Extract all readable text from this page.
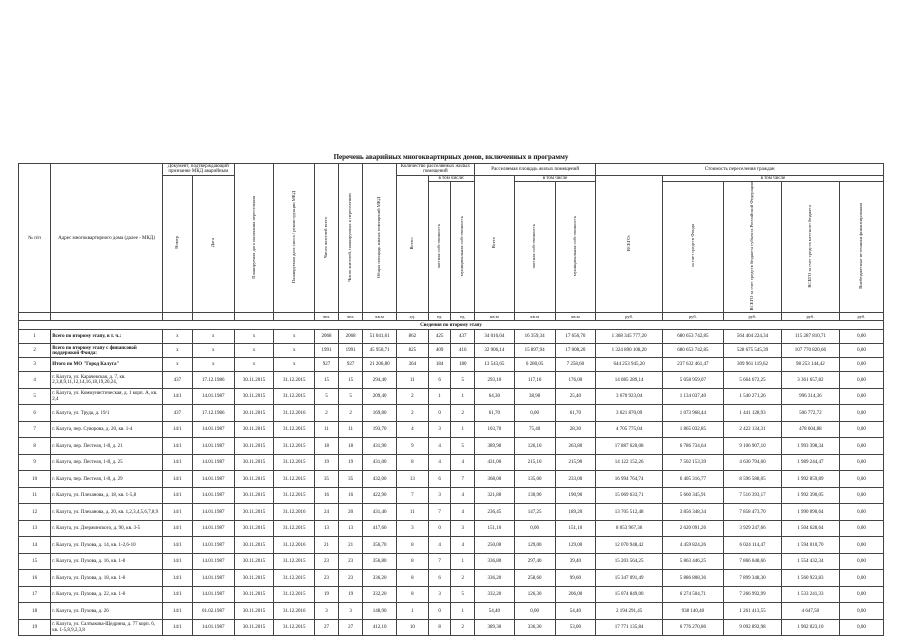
Перечень аварийных многоквартирных домов, включенных в программу
№ п/п	Адрес многоквартирного дома (далее - МКД)	Документ, подтверждающий признание МКД аварийным		Планируемая дата окончания переселения	Планируемая дата сноса / реконструкции МКД	Число жителей всего	Число жителей, планируемых к переселению	Общая площадь жилых помещений МКД	Количество расселяемых жилых помещений			Расселяемая площадь жилых помещений			Стоимость переселения граждан				
		Номер	Дата						Всего:	в том числе:		Всего	в том числе		ВСЕГО:	в том числе			
										частная собственность	муниципальная собственность		частная собственность	муниципальная собственность		за счет средств Фонда	ВСЕГО за счет средств бюджета субъекта Российской Федерации	ВСЕГО за счет средств местного бюджета	Внебюджетные источники финансирования
						чел.	чел.	кв.м	ед.	ед.	ед.	кв.м	кв.м	кв.м	руб.	руб.	руб.	руб.	руб.
Сведения по второму этапу																			
1	Всего по второму этапу, в т. ч.:	х	х	х	х	2068	2068	51 041,61	862	425	437	34 016,04	16 359,34	17 656,70	1 368 345 777,20	680 653 742,85	564 404 224,34	115 287 810,71	0,00
2	Всего по второму этапу с финансовой поддержкой Фонда:	х	х	х	х	1991	1991	45 950,71	825	409	416	32 906,14	15 897,94	17 008,20	1 324 890 108,20	680 653 742,85	528 675 545,39	107 770 820,66	0,00
3	Итого по МО "Город Калуга"	х	х	х	х	927	927	21 206,80	364	184	180	13 543,65	6 280,05	7 258,60	644 253 945,20	237 632 461,47	309 961 119,62	98 253 144,42	0,00
4	г. Калуга, ул. Карачевская, д. 7, кв. 2,3,8,9,11,12,14,16,18,19,20,24,	437	17.12.1986	30.11.2015	31.12.2015	15	15	294,40	11	6	5	293,10	117,10	176,00	14 085 289,14	5 058 959,07	5 664 672,25	3 361 657,82	0,00
5	г. Калуга, ул. Коммунистическая, д. 1 корп. А, кв. 2,4	14/1	14.01.1987	30.11.2015	31.12.2015	5	5	209,40	2	1	1	64,30	38,90	25,40	3 670 923,04	1 134 037,40	1 540 271,26	996 314,36	0,00
6	г. Калуга, ул. Труда, д. 19/1	437	17.12.1986	30.11.2015	31.12.2016	2	2	169,80	2	0	2	61,70	0,00	61,70	3 021 870,09	1 073 968,44	1 441 128,93	506 772,72	0,00
7	г. Калуга, пер. Суворова, д. 20, кв. 1-4	14/1	14.01.1987	30.11.2015	31.12.2015	11	11	193,70	4	3	1	103,70	75,40	28,30	4 705 775,04	1 865 032,85	2 422 134,31	478 604,88	0,00
8	г. Калуга, пер. Пестеля, 1-й, д. 21	14/1	14.01.1987	30.11.2015	31.12.2015	18	18	431,90	9	4	5	389,90	126,10	263,80	17 887 620,08	6 786 734,64	9 106 907,10	1 993 398,34	0,00
9	г. Калуга, пер. Пестеля, 1-й, д. 25	14/1	14.01.1987	30.11.2015	31.12.2015	19	19	431,00	8	4	4	431,00	215,10	215,90	14 122 152,26	7 502 153,39	4 630 794,60	1 989 244,47	0,00
10	г. Калуга, пер. Пестеля, 1-й, д. 29	14/1	14.01.1987	30.11.2015	31.12.2015	35	35	432,00	13	6	7	368,00	135,00	233,00	16 994 764,74	6 405 316,77	8 596 588,05	1 992 859,89	0,00
11	г. Калуга, ул. Плеханова, д. 18, кв. 1-5,8	14/1	14.01.1987	30.11.2015	31.12.2015	16	16	422,90	7	3	4	321,80	130,90	190,90	15 069 633,71	5 660 345,91	7 516 393,17	1 992 390,05	0,00
12	г. Калуга, ул. Плеханова, д. 20, кв. 1,2,3,4,5,6,7,8,9	14/1	14.01.1987	30.11.2015	31.12.2016	24	20	431,40	11	7	4	236,45	147,25	189,20	13 705 512,48	3 856 348,34	7 858 473,70	1 990 090,64	0,00
13	г. Калуга, ул. Дзержинского, д. 90, кв. 3-5	14/1	14.01.1987	30.11.2015	31.12.2015	13	13	417,60	3	0	3	151,10	0,00	151,10	8 053 967,36	2 620 091,26	3 929 247,66	1 504 628,64	0,00
14	г. Калуга, ул. Пухова, д. 14, кв. 1-2,6-10	14/1	14.01.1987	30.11.2015	31.12.2016	21	21	356,70	8	4	4	250,00	129,00	129,00	12 070 948,42	4 459 824,26	6 024 114,47	1 594 010,70	0,00
15	г. Калуга, ул. Пухова, д. 16, кв. 1-8	14/1	14.01.1987	30.11.2015	31.12.2015	23	23	356,80	8	7	1	336,80	297,40	39,40	15 203 564,25	5 863 446,25	7 866 648,66	1 554 432,34	0,00
16	г. Калуга, ул. Пухова, д. 18, кв. 1-8	14/1	14.01.1987	30.11.2015	31.12.2015	23	23	336,20	8	6	2	336,20	258,60	99,60	15 347 091,49	5 886 808,36	7 899 348,30	1 560 923,83	0,00
17	г. Калуга, ул. Пухова, д. 22, кв. 1-8	14/1	14.01.1987	30.11.2015	31.12.2015	19	19	332,20	8	3	5	332,20	126,30	206,00	15 074 849,00	6 274 504,71	7 266 992,99	1 533 241,33	0,00
18	г. Калуга, ул. Пухова, д. 26	14/1	01.02.1987	30.11.2015	31.12.2016	3	3	148,90	1	0	1	54,40	0,00	54,40	2 194 291,45	938 140,40	1 261 413,55	4 647,50	0,00
19	г. Калуга, ул. Салтыкова-Щедрина, д. 77 корп. 6, кв. 1-5,8,9,2,3,8	14/1	14.01.1987	30.11.2015	31.12.2015	27	27	412,10	10	8	2	389,30	336,30	53,00	17 771 135,84	6 776 270,86	9 092 892,98	1 902 023,10	0,00
